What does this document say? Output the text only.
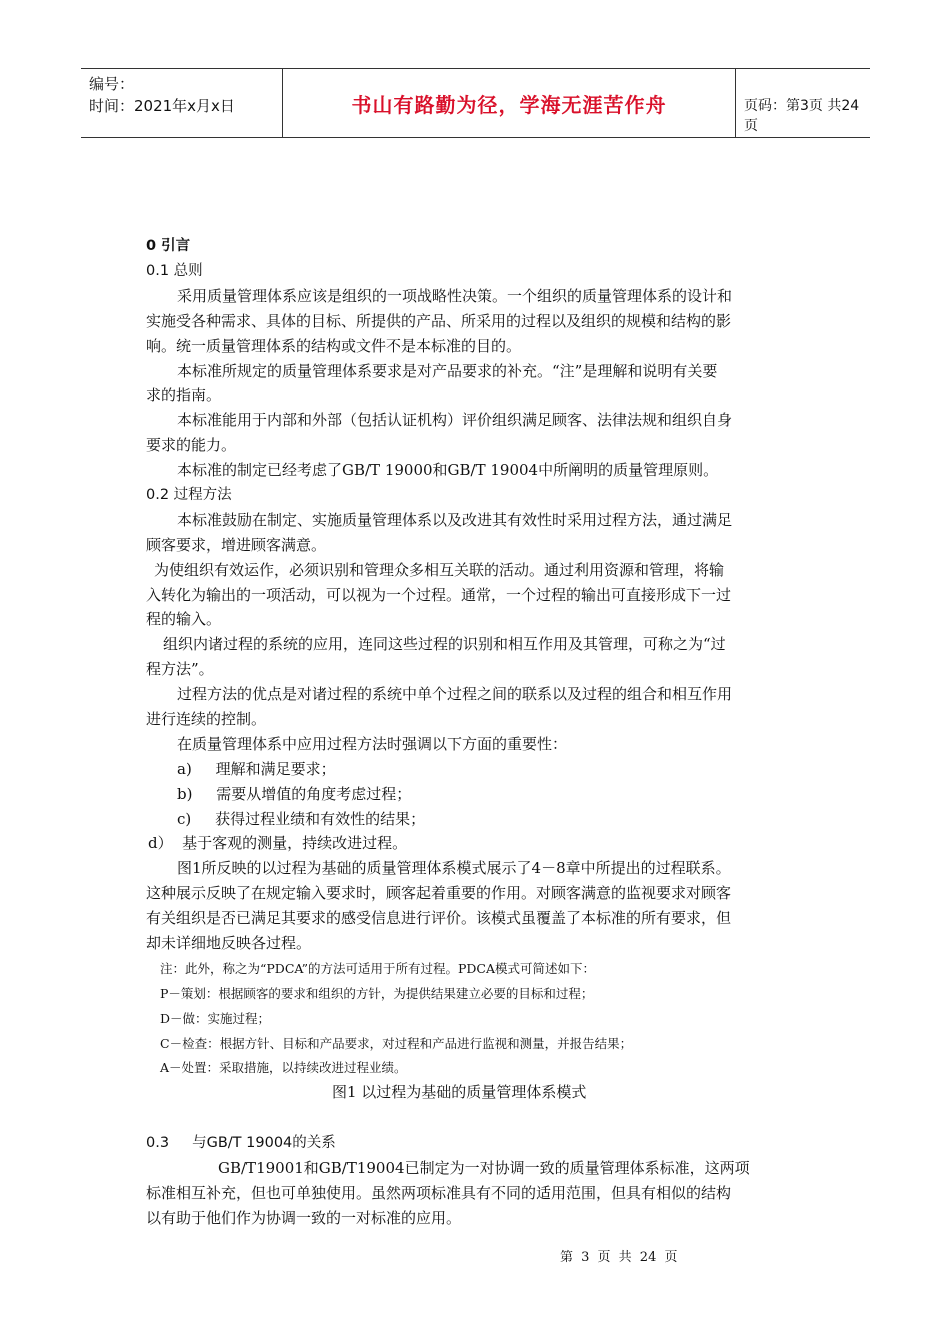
编号：
时间：2021年x月x日	书山有路勤为径，学海无涯苦作舟	页码：第3页 共24页
0 引言
0.1 总则
采用质量管理体系应该是组织的一项战略性决策。一个组织的质量管理体系的设计和
实施受各种需求、具体的目标、所提供的产品、所采用的过程以及组织的规模和结构的影
响。统一质量管理体系的结构或文件不是本标准的目的。
本标准所规定的质量管理体系要求是对产品要求的补充。“注”是理解和说明有关要
求的指南。
本标准能用于内部和外部（包括认证机构）评价组织满足顾客、法律法规和组织自身
要求的能力。
本标准的制定已经考虑了GB/T 19000和GB/T 19004中所阐明的质量管理原则。
0.2 过程方法
本标准鼓励在制定、实施质量管理体系以及改进其有效性时采用过程方法，通过满足
顾客要求，增进顾客满意。
为使组织有效运作，必须识别和管理众多相互关联的活动。通过利用资源和管理，将输
入转化为输出的一项活动，可以视为一个过程。通常，一个过程的输出可直接形成下一过
程的输入。
组织内诸过程的系统的应用，连同这些过程的识别和相互作用及其管理，可称之为“过
程方法”。
过程方法的优点是对诸过程的系统中单个过程之间的联系以及过程的组合和相互作用
进行连续的控制。
在质量管理体系中应用过程方法时强调以下方面的重要性：
a)     理解和满足要求；
b)     需要从增值的角度考虑过程；
c)     获得过程业绩和有效性的结果；
d）  基于客观的测量，持续改进过程。
图1所反映的以过程为基础的质量管理体系模式展示了4－8章中所提出的过程联系。
这种展示反映了在规定输入要求时，顾客起着重要的作用。对顾客满意的监视要求对顾客
有关组织是否已满足其要求的感受信息进行评价。该模式虽覆盖了本标准的所有要求，但
却未详细地反映各过程。
注：此外，称之为“PDCA”的方法可适用于所有过程。PDCA模式可简述如下：
P－策划：根据顾客的要求和组织的方针，为提供结果建立必要的目标和过程；
D－做：实施过程；
C－检查：根据方针、目标和产品要求，对过程和产品进行监视和测量，并报告结果；
A－处置：采取措施，以持续改进过程业绩。
图1 以过程为基础的质量管理体系模式
0.3     与GB/T 19004的关系
GB/T19001和GB/T19004已制定为一对协调一致的质量管理体系标准，这两项
标准相互补充，但也可单独使用。虽然两项标准具有不同的适用范围，但具有相似的结构
以有助于他们作为协调一致的一对标准的应用。
第 3 页 共 24 页
